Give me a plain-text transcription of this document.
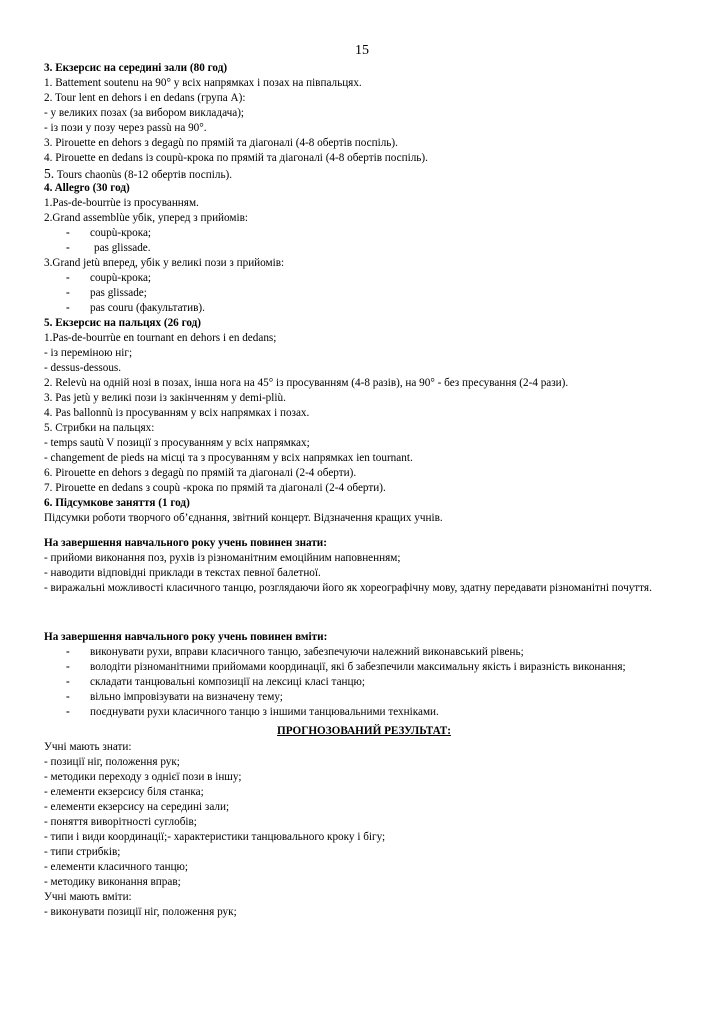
15
3. Екзерсис на середині зали (80 год)
1. Battement soutenu на 90° у всіх напрямках і позах на півпальцях.
2. Tour lent en dehors і en dedans (група А):
- у великих позах (за вибором викладача);
- із пози у позу через passù на 90°.
3. Pirouette en dehors з degagù по прямій та діагоналі (4-8 обертів поспіль).
4. Pirouette en dedans із coupù-крока по прямій та діагоналі (4-8 обертів поспіль).
5. Tours chaonùs (8-12 обертів поспіль).
4. Allegro (30 год)
1.Pas-de-bourrùe із просуванням.
2.Grand assemblùe убік, уперед з прийомів:
- coupù-крока;
- pas glissade.
3.Grand jetù вперед, убік у великі пози з прийомів:
- coupù-крока;
- pas glissade;
- pas couru (факультатив).
5. Екзерсис на пальцях (26 год)
1.Pas-de-bourrùe en tournant en dehors і en dedans;
- із переміною ніг;
- dessus-dessous.
2. Relevù на одній нозі в позах, інша нога на 45° із просуванням (4-8 разів), на 90° - без пресування (2-4 рази).
3. Pas jetù у великі пози із закінченням у demi-pliù.
4. Pas ballonnù із просуванням у всіх напрямках і позах.
5. Стрибки на пальцях:
- temps sautù V позиції з просуванням у всіх напрямках;
- changement de pieds на місці та з просуванням у всіх напрямках іen tournant.
6. Pirouette en dehors з degagù по прямій та діагоналі (2-4 оберти).
7. Pirouette en dedans з coupù -крока по прямій та діагоналі (2-4 оберти).
6. Підсумкове заняття (1 год)
Підсумки роботи творчого об’єднання, звітний концерт. Відзначення кращих учнів.
На завершення навчального року учень повинен знати:
- прийоми виконання поз, рухів із різноманітним емоційним наповненням;
- наводити відповідні приклади в текстах певної балетної.
- виражальні можливості класичного танцю, розглядаючи його як хореографічну мову, здатну передавати різноманітні почуття.
На завершення навчального року учень повинен вміти:
- виконувати рухи, вправи класичного танцю, забезпечуючи належний виконавський рівень;
- володіти різноманітними прийомами координації, які б забезпечили максимальну якість і виразність виконання;
- складати танцювальні композиції на лексиці класі танцю;
- вільно імпровізувати на визначену тему;
- поєднувати рухи класичного танцю з іншими танцювальними техніками.
ПРОГНОЗОВАНИЙ РЕЗУЛЬТАТ:
Учні мають знати:
- позиції ніг, положення рук;
- методики переходу з однієї пози в іншу;
- елементи екзерсису біля станка;
- елементи екзерсису на середині зали;
- поняття виворітності суглобів;
- типи і види координації;- характеристики танцювального кроку і бігу;
- типи стрибків;
- елементи класичного танцю;
- методику виконання вправ;
Учні мають вміти:
- виконувати позиції ніг, положення рук;
